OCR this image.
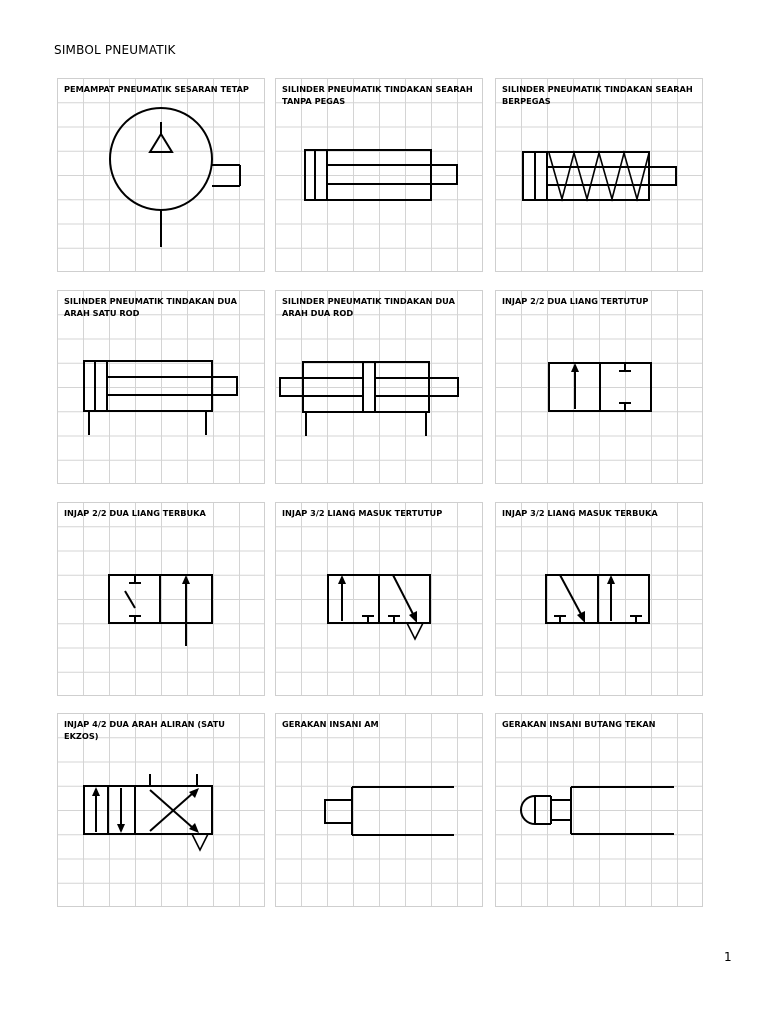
SIMBOL PNEUMATIK
PEMAMPAT PNEUMATIK SESARAN TETAP	SILINDER PNEUMATIK TINDAKAN SEARAH TANPA PEGAS
SILINDER PNEUMATIK TINDAKAN SEARAH BERPEGAS
SILINDER PNEUMATIK TINDAKAN DUA ARAH SATU ROD
SILINDER PNEUMATIK TINDAKAN DUA ARAH DUA ROD
INJAP 2/2 DUA LIANG TERTUTUP
INJAP 2/2 DUA LIANG TERBUKA	INJAP 3/2 LIANG MASUK TERTUTUP	INJAP 3/2 LIANG MASUK TERBUKA
INJAP 4/2 DUA ARAH ALIRAN (SATU EKZOS)
GERAKAN INSANI AM	GERAKAN INSANI BUTANG TEKAN
1
